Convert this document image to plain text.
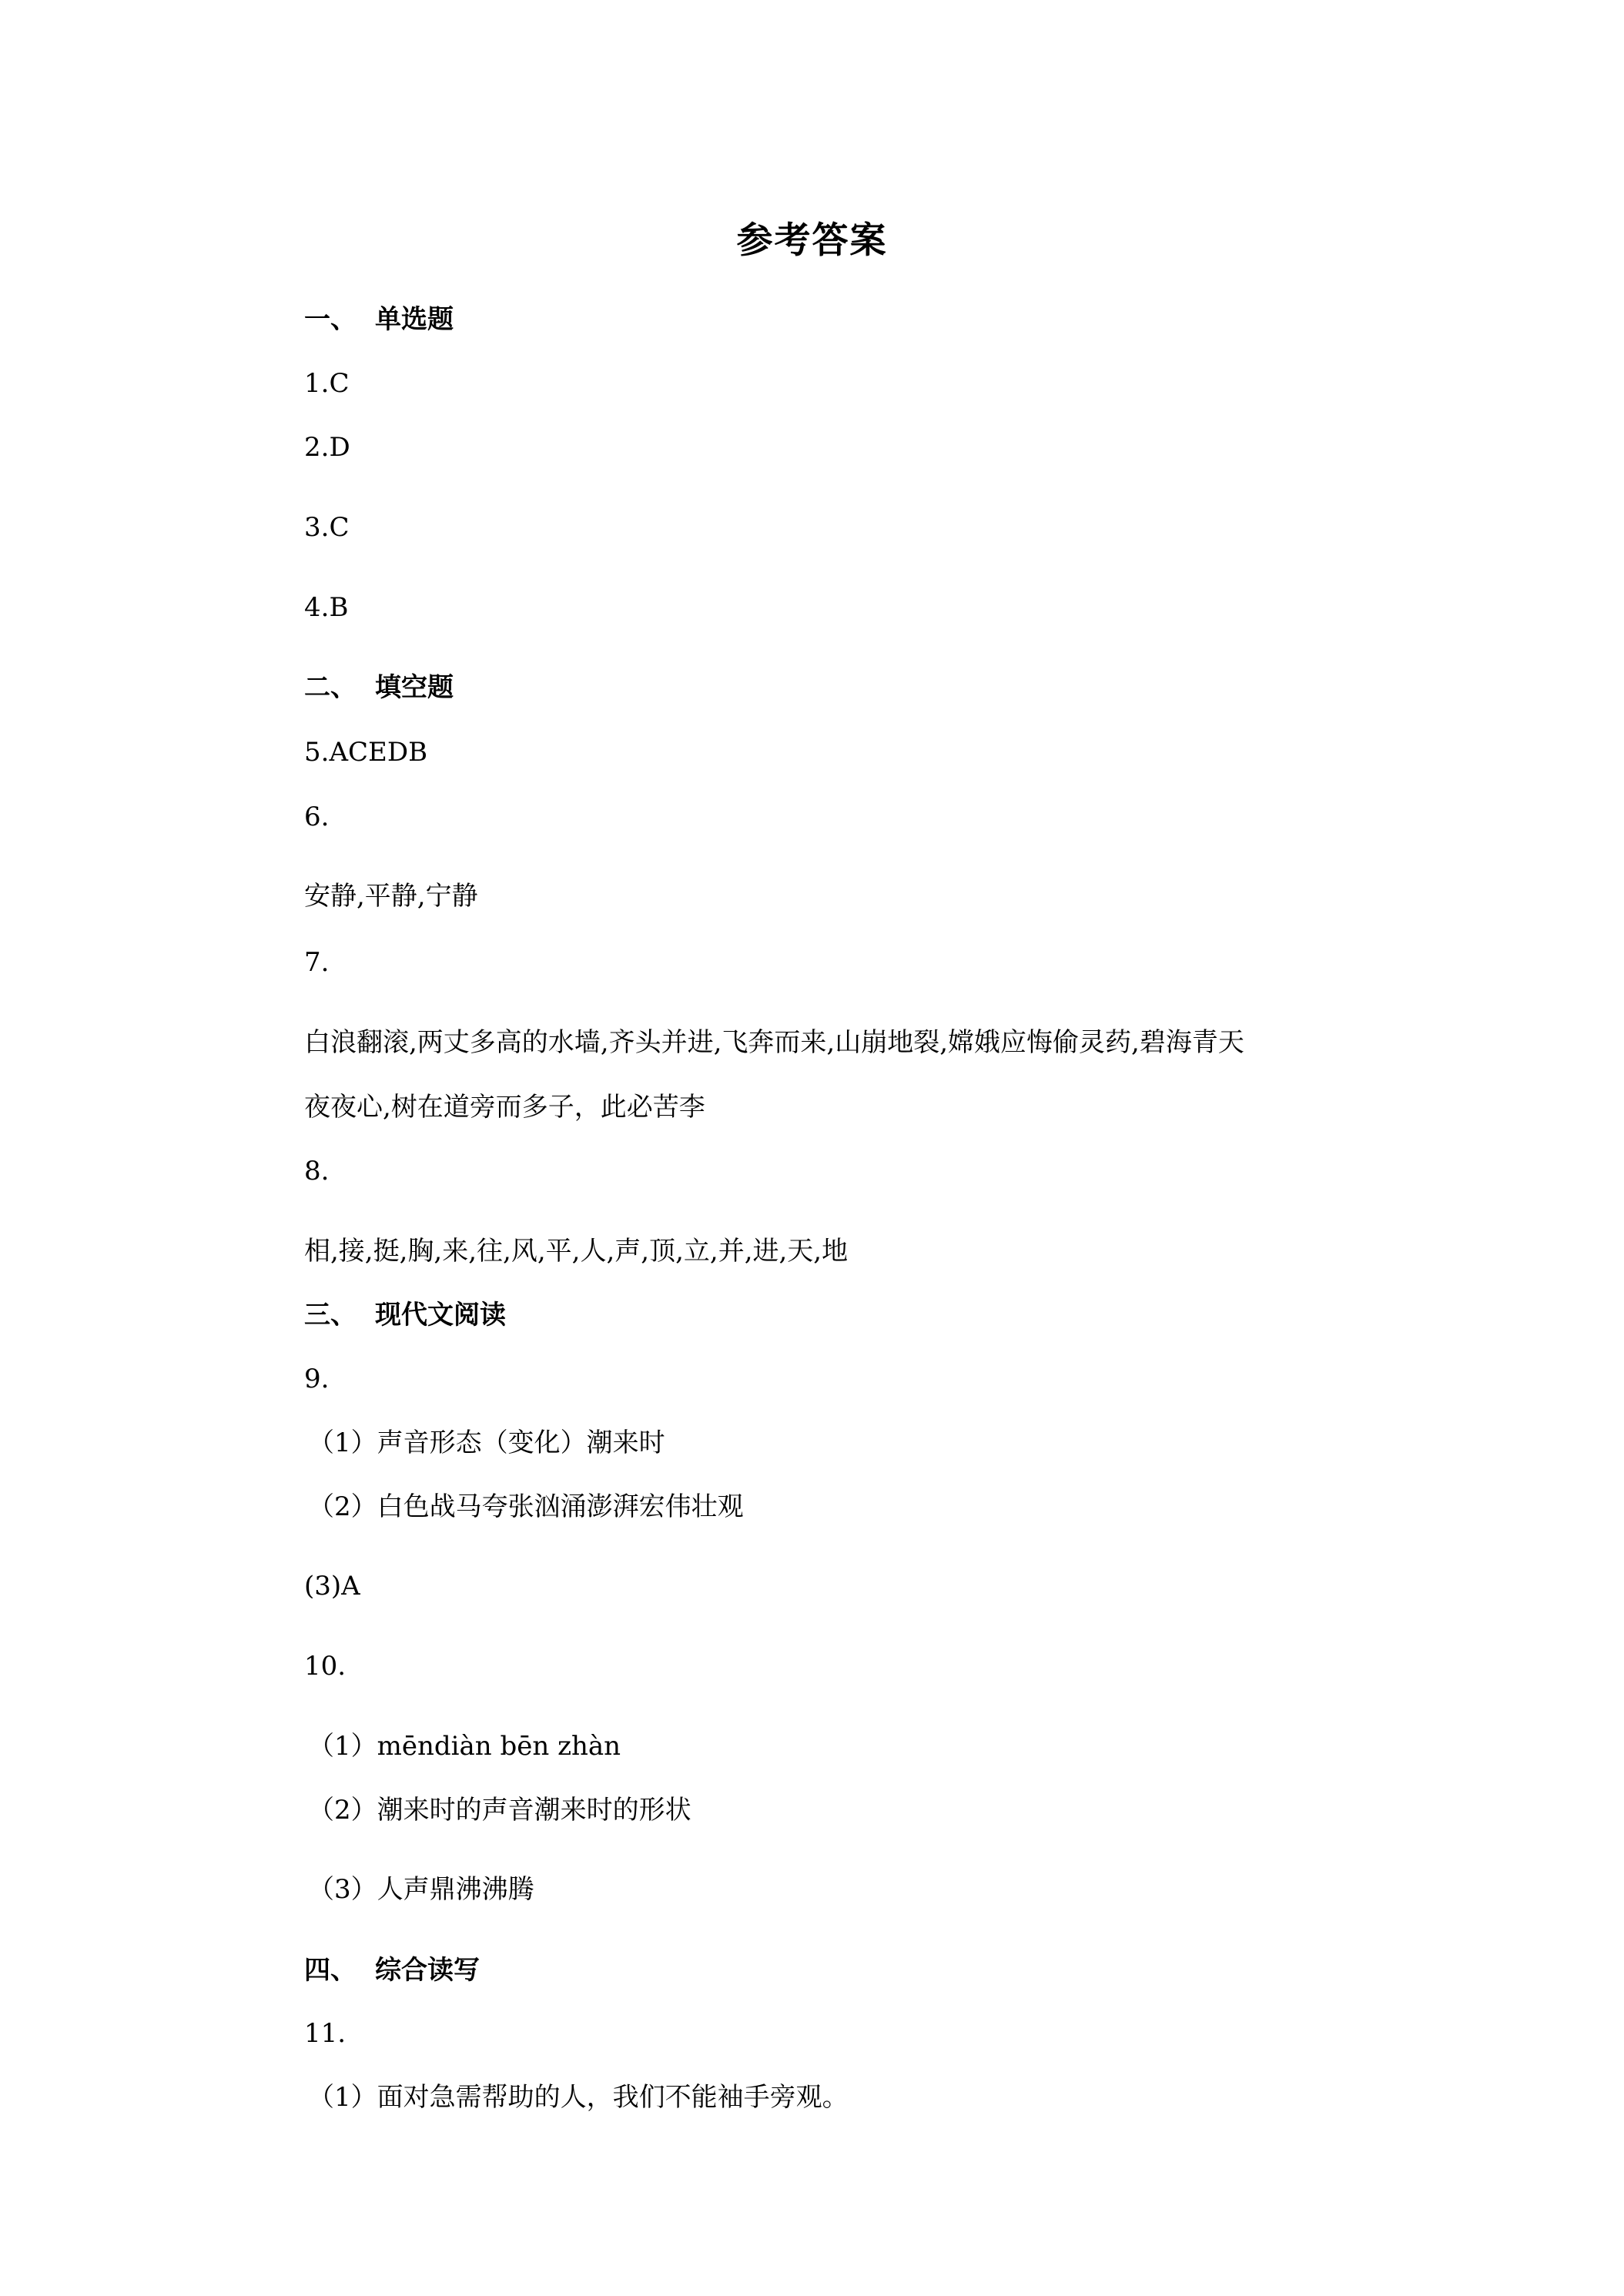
参考答案
一、 单选题
1.C
2.D
3.C
4.B
二、 填空题
5.ACEDB
6.
安静,平静,宁静
7.
白浪翻滚,两丈多高的水墙,齐头并进,飞奔而来,山崩地裂,嫦娥应悔偷灵药,碧海青天
夜夜心,树在道旁而多子，此必苦李
8.
相,接,挺,胸,来,往,风,平,人,声,顶,立,并,进,天,地
三、 现代文阅读
9.
（1）声音形态（变化）潮来时
（2）白色战马夸张汹涌澎湃宏伟壮观
(3)A
10.
（1）mēndiàn bēn zhàn
（2）潮来时的声音潮来时的形状
（3）人声鼎沸沸腾
四、 综合读写
11.
（1）面对急需帮助的人，我们不能袖手旁观。
